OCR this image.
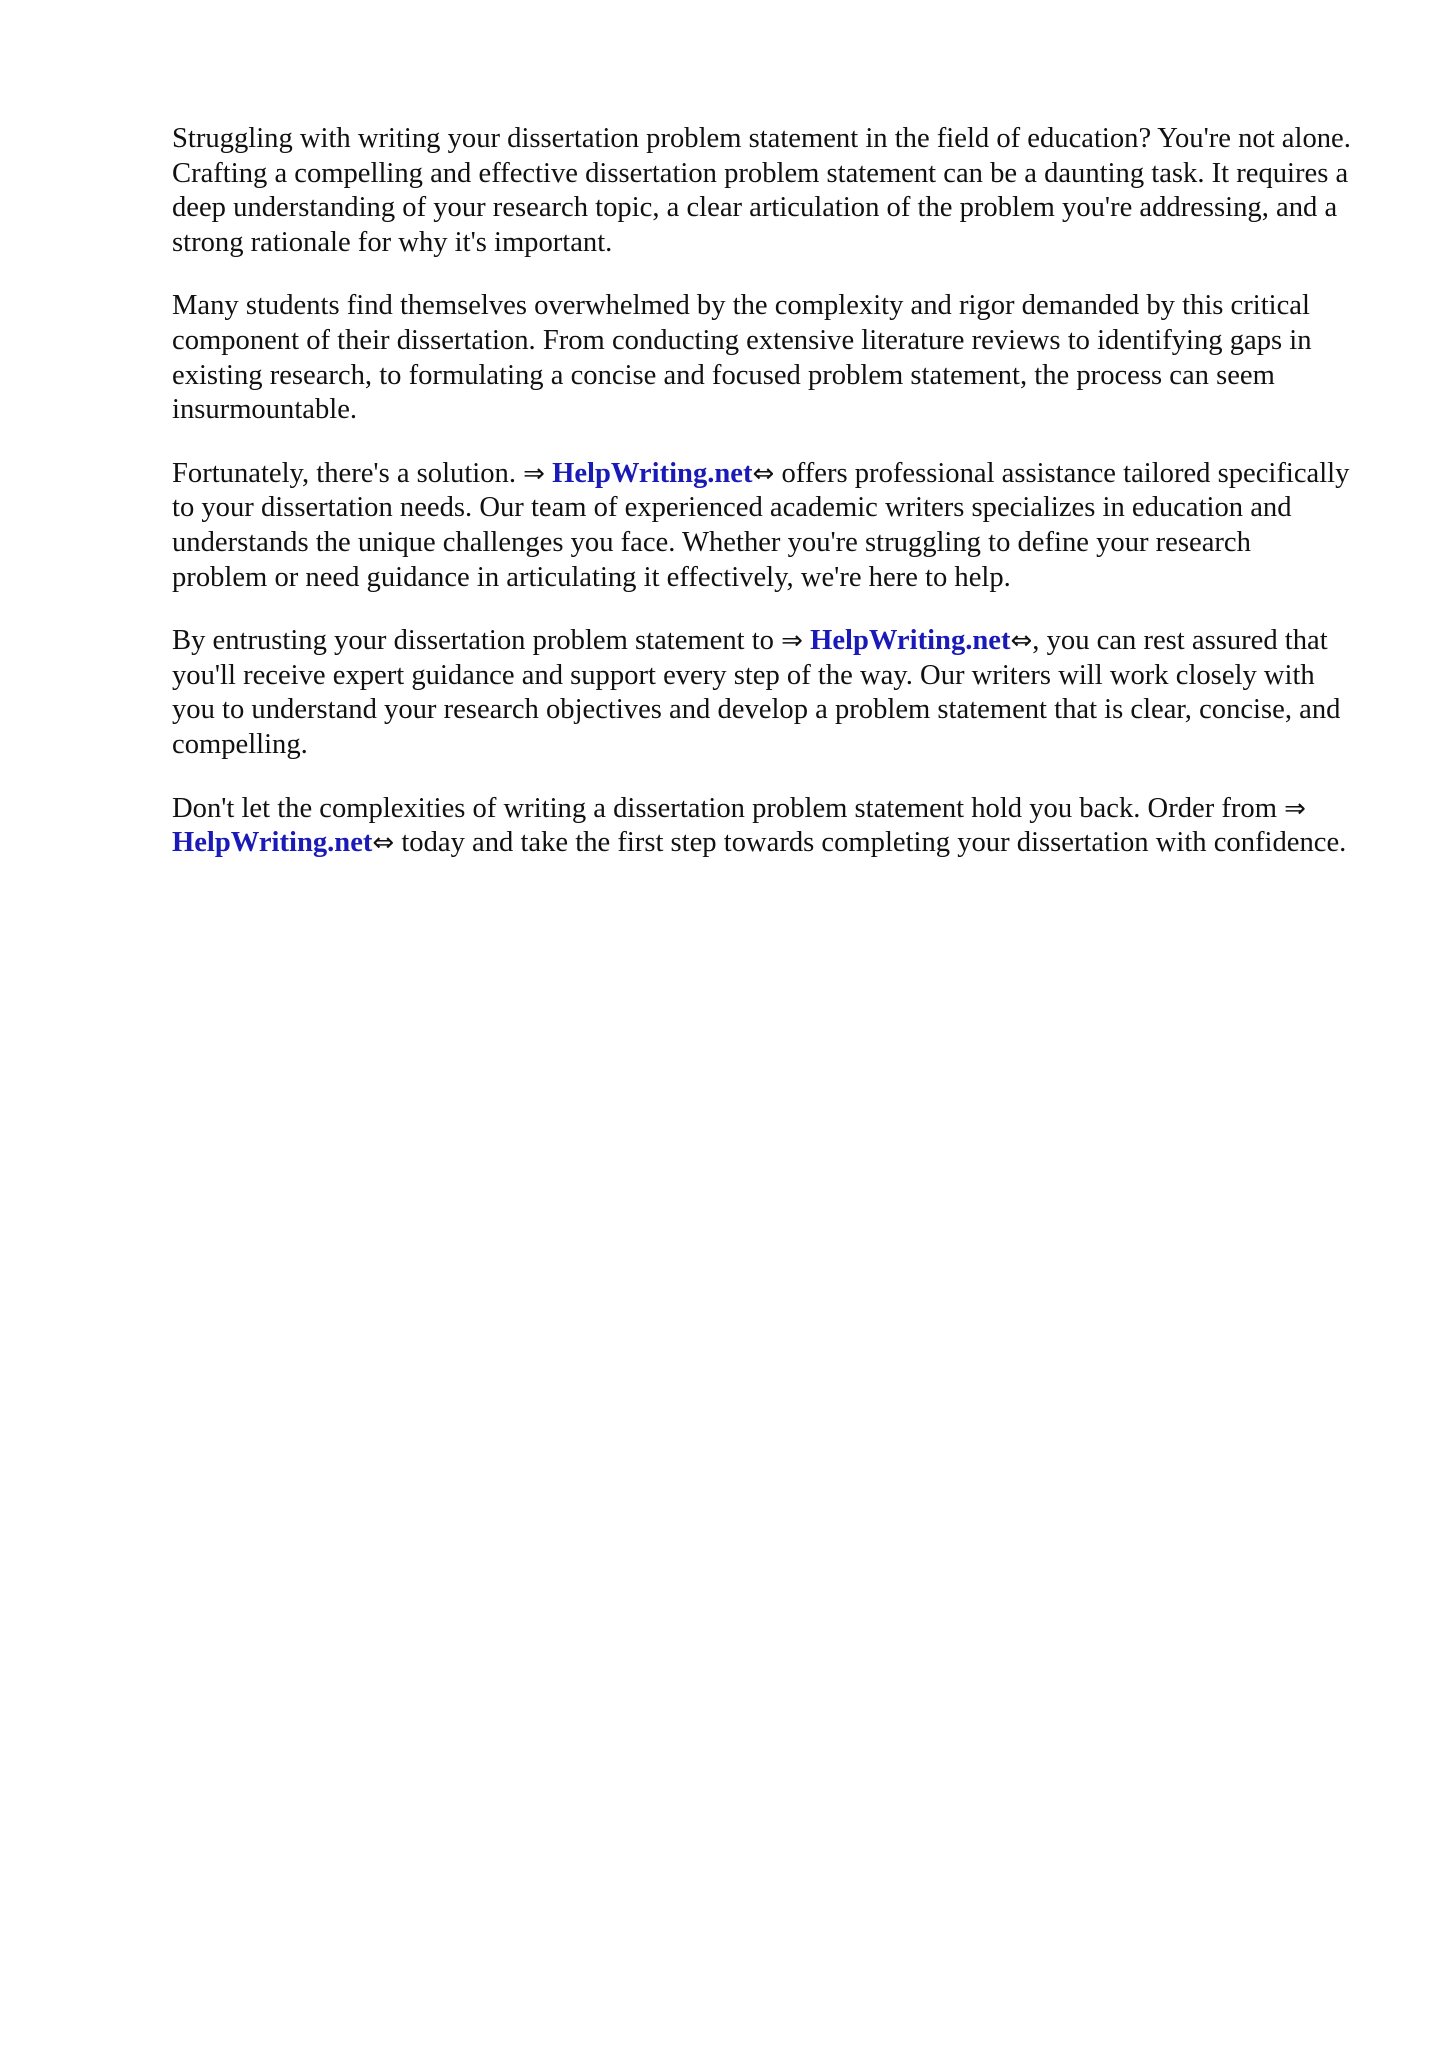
Struggling with writing your dissertation problem statement in the field of education? You're not alone. Crafting a compelling and effective dissertation problem statement can be a daunting task. It requires a deep understanding of your research topic, a clear articulation of the problem you're addressing, and a strong rationale for why it's important.

Many students find themselves overwhelmed by the complexity and rigor demanded by this critical component of their dissertation. From conducting extensive literature reviews to identifying gaps in existing research, to formulating a concise and focused problem statement, the process can seem insurmountable.

Fortunately, there's a solution. ⇒ HelpWriting.net⇔ offers professional assistance tailored specifically to your dissertation needs. Our team of experienced academic writers specializes in education and understands the unique challenges you face. Whether you're struggling to define your research problem or need guidance in articulating it effectively, we're here to help.

By entrusting your dissertation problem statement to ⇒ HelpWriting.net⇔, you can rest assured that you'll receive expert guidance and support every step of the way. Our writers will work closely with you to understand your research objectives and develop a problem statement that is clear, concise, and compelling.

Don't let the complexities of writing a dissertation problem statement hold you back. Order from ⇒ HelpWriting.net⇔ today and take the first step towards completing your dissertation with confidence.
